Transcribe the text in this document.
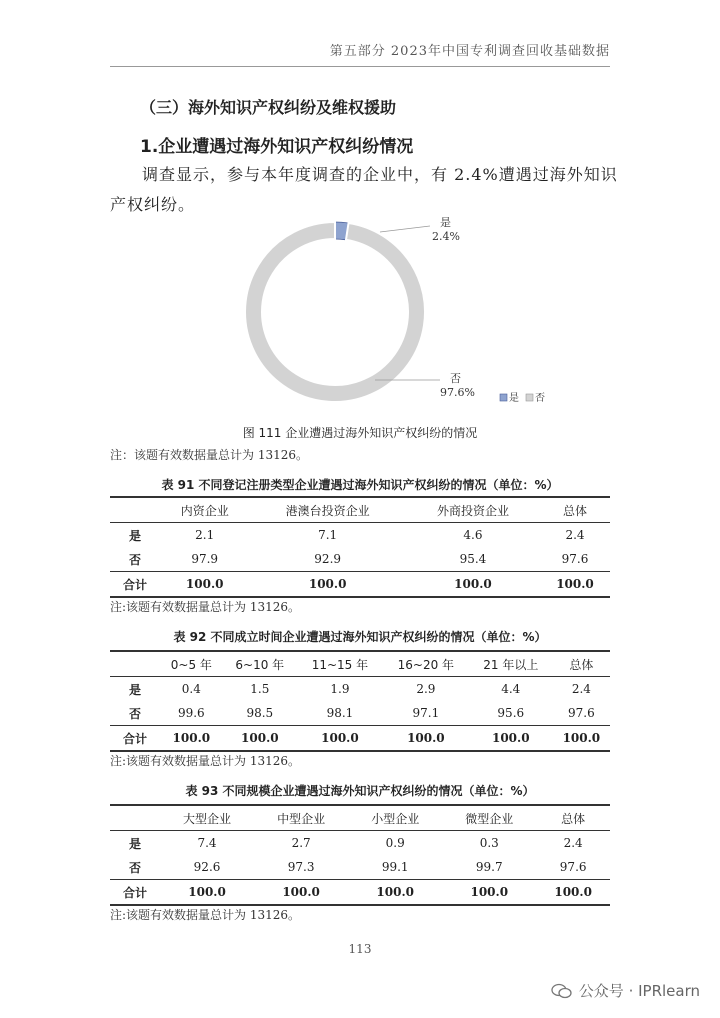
第五部分 2023年中国专利调查回收基础数据
（三）海外知识产权纠纷及维权援助
1.企业遭遇过海外知识产权纠纷情况
调查显示，参与本年度调查的企业中，有 2.4%遭遇过海外知识产权纠纷。
是
2.4%
否
97.6%	是 否
图 111 企业遭遇过海外知识产权纠纷的情况
注：该题有效数据量总计为 13126。
表 91 不同登记注册类型企业遭遇过海外知识产权纠纷的情况（单位：%）
	内资企业	港澳台投资企业	外商投资企业	总体
是	2.1	7.1	4.6	2.4
否	97.9	92.9	95.4	97.6
合计	100.0	100.0	100.0	100.0
注:该题有效数据量总计为 13126。
表 92 不同成立时间企业遭遇过海外知识产权纠纷的情况（单位：%）
	0~5 年	6~10 年	11~15 年	16~20 年	21 年以上	总体
是	0.4	1.5	1.9	2.9	4.4	2.4
否	99.6	98.5	98.1	97.1	95.6	97.6
合计	100.0	100.0	100.0	100.0	100.0	100.0
注:该题有效数据量总计为 13126。
表 93 不同规模企业遭遇过海外知识产权纠纷的情况（单位：%）
	大型企业	中型企业	小型企业	微型企业	总体
是	7.4	2.7	0.9	0.3	2.4
否	92.6	97.3	99.1	99.7	97.6
合计	100.0	100.0	100.0	100.0	100.0
注:该题有效数据量总计为 13126。
113
公众号 · IPRlearn
